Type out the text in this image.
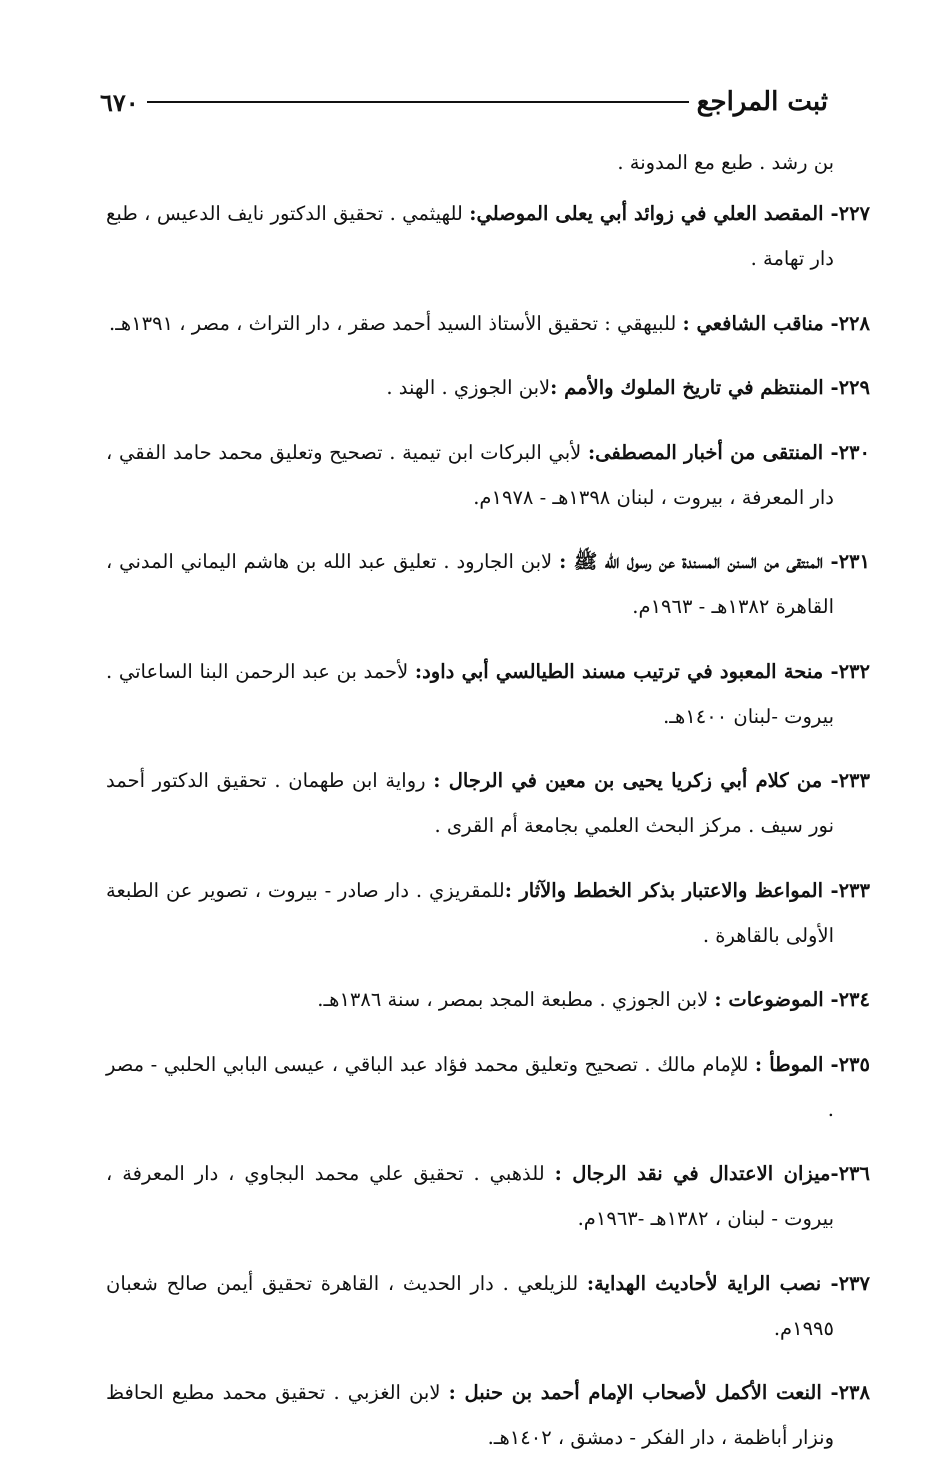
٦٧٠	ثبت المراجع

بن رشد . طبع مع المدونة .

٢٢٧- المقصد العلي في زوائد أبي يعلى الموصلي: للهيثمي . تحقيق الدكتور نايف الدعيس ، طبع دار تهامة .

٢٢٨- مناقب الشافعي : للبيهقي : تحقيق الأستاذ السيد أحمد صقر ، دار التراث ، مصر ، ١٣٩١هـ.

٢٢٩- المنتظم في تاريخ الملوك والأمم :لابن الجوزي . الهند .

٢٣٠- المنتقى من أخبار المصطفى: لأبي البركات ابن تيمية . تصحيح وتعليق محمد حامد الفقي ، دار المعرفة ، بيروت ، لبنان ١٣٩٨هـ - ١٩٧٨م.

٢٣١- المنتقى من السنن المسندة عن رسول الله ﷺ : لابن الجارود . تعليق عبد الله بن هاشم اليماني المدني ، القاهرة ١٣٨٢هـ - ١٩٦٣م.

٢٣٢- منحة المعبود في ترتيب مسند الطيالسي أبي داود: لأحمد بن عبد الرحمن البنا الساعاتي . بيروت -لبنان ١٤٠٠هـ.

٢٣٣- من كلام أبي زكريا يحيى بن معين في الرجال : رواية ابن طهمان . تحقيق الدكتور أحمد نور سيف . مركز البحث العلمي بجامعة أم القرى .

٢٣٣- المواعظ والاعتبار بذكر الخطط والآثار :للمقريزي . دار صادر - بيروت ، تصوير عن الطبعة الأولى بالقاهرة .

٢٣٤- الموضوعات : لابن الجوزي . مطبعة المجد بمصر ، سنة ١٣٨٦هـ.

٢٣٥- الموطأ : للإمام مالك . تصحيح وتعليق محمد فؤاد عبد الباقي ، عيسى البابي الحلبي - مصر .

٢٣٦-ميزان الاعتدال في نقد الرجال : للذهبي . تحقيق علي محمد البجاوي ، دار المعرفة ، بيروت - لبنان ، ١٣٨٢هـ -١٩٦٣م.

٢٣٧- نصب الراية لأحاديث الهداية: للزيلعي . دار الحديث ، القاهرة تحقيق أيمن صالح شعبان ١٩٩٥م.

٢٣٨- النعت الأكمل لأصحاب الإمام أحمد بن حنبل : لابن الغزبي . تحقيق محمد مطيع الحافظ ونزار أباظمة ، دار الفكر - دمشق ، ١٤٠٢هـ.
